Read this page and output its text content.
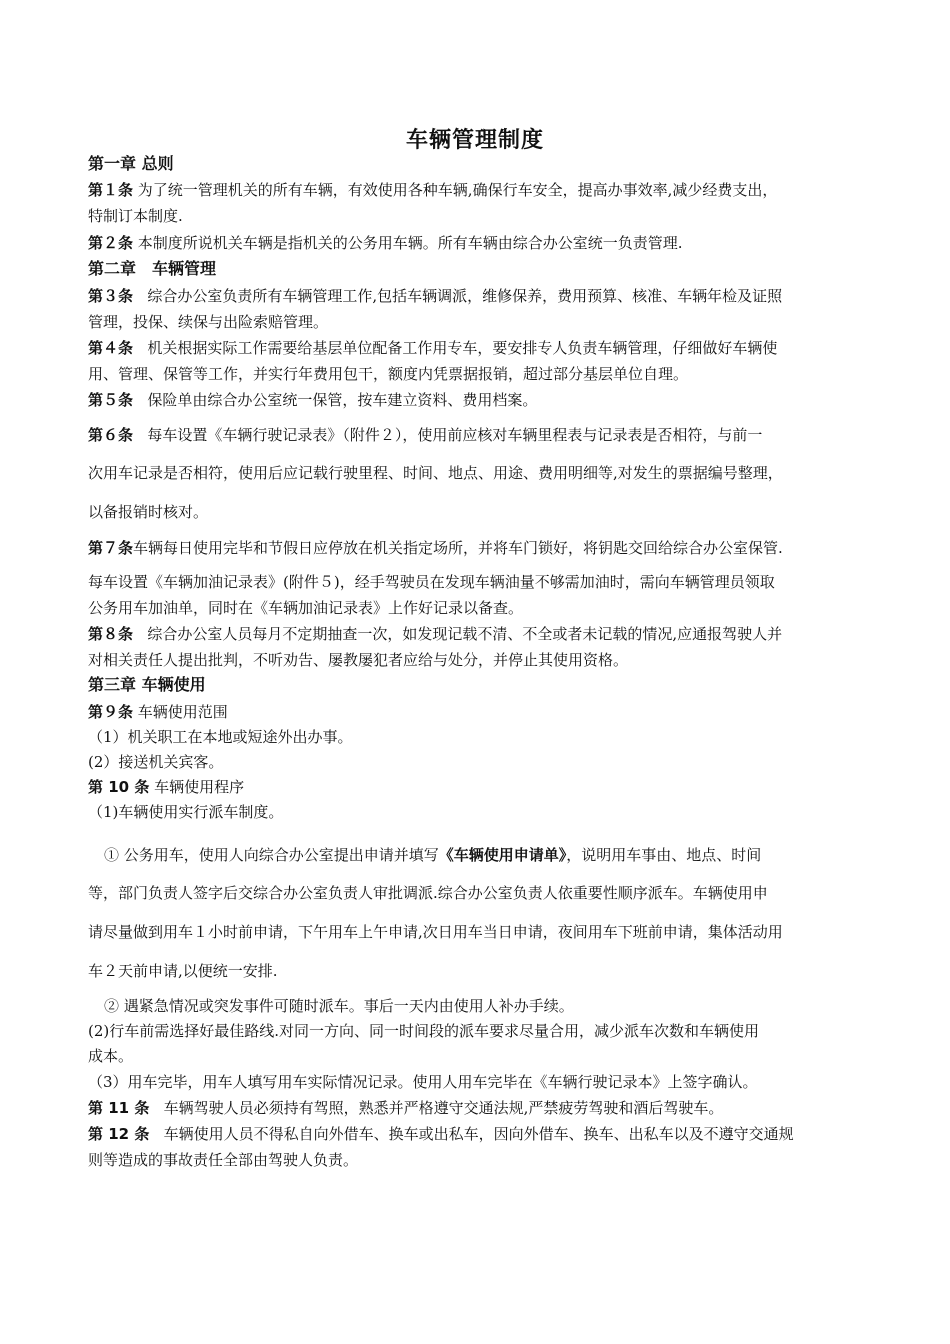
车辆管理制度
第一章 总则
第１条 为了统一管理机关的所有车辆，有效使用各种车辆,确保行车安全，提高办事效率,减少经费支出，
特制订本制度.
第２条 本制度所说机关车辆是指机关的公务用车辆。所有车辆由综合办公室统一负责管理.
第二章　车辆管理
第３条 综合办公室负责所有车辆管理工作,包括车辆调派，维修保养，费用预算、核准、车辆年检及证照
管理，投保、续保与出险索赔管理。
第４条 机关根据实际工作需要给基层单位配备工作用专车，要安排专人负责车辆管理，仔细做好车辆使
用、管理、保管等工作，并实行年费用包干，额度内凭票据报销，超过部分基层单位自理。
第５条 保险单由综合办公室统一保管，按车建立资料、费用档案。
第６条 每车设置《车辆行驶记录表》（附件２），使用前应核对车辆里程表与记录表是否相符，与前一
次用车记录是否相符，使用后应记载行驶里程、时间、地点、用途、费用明细等,对发生的票据编号整理，
以备报销时核对。
第７条车辆每日使用完毕和节假日应停放在机关指定场所，并将车门锁好，将钥匙交回给综合办公室保管.
每车设置《车辆加油记录表》(附件５)，经手驾驶员在发现车辆油量不够需加油时，需向车辆管理员领取
公务用车加油单，同时在《车辆加油记录表》上作好记录以备查。
第８条 综合办公室人员每月不定期抽查一次，如发现记载不清、不全或者未记载的情况,应通报驾驶人并
对相关责任人提出批判，不听劝告、屡教屡犯者应给与处分，并停止其使用资格。
第三章 车辆使用
第９条 车辆使用范围
（1）机关职工在本地或短途外出办事。
(2）接送机关宾客。
第 10 条 车辆使用程序
（1)车辆使用实行派车制度。
① 公务用车，使用人向综合办公室提出申请并填写《车辆使用申请单》，说明用车事由、地点、时间
等，部门负责人签字后交综合办公室负责人审批调派.综合办公室负责人依重要性顺序派车。车辆使用申
请尽量做到用车１小时前申请，下午用车上午申请,次日用车当日申请，夜间用车下班前申请，集体活动用
车２天前申请,以便统一安排.
② 遇紧急情况或突发事件可随时派车。事后一天内由使用人补办手续。
(2)行车前需选择好最佳路线.对同一方向、同一时间段的派车要求尽量合用，减少派车次数和车辆使用
成本。
（3）用车完毕，用车人填写用车实际情况记录。使用人用车完毕在《车辆行驶记录本》上签字确认。
第 11 条 车辆驾驶人员必须持有驾照，熟悉并严格遵守交通法规,严禁疲劳驾驶和酒后驾驶车。
第 12 条 车辆使用人员不得私自向外借车、换车或出私车，因向外借车、换车、出私车以及不遵守交通规
则等造成的事故责任全部由驾驶人负责。
